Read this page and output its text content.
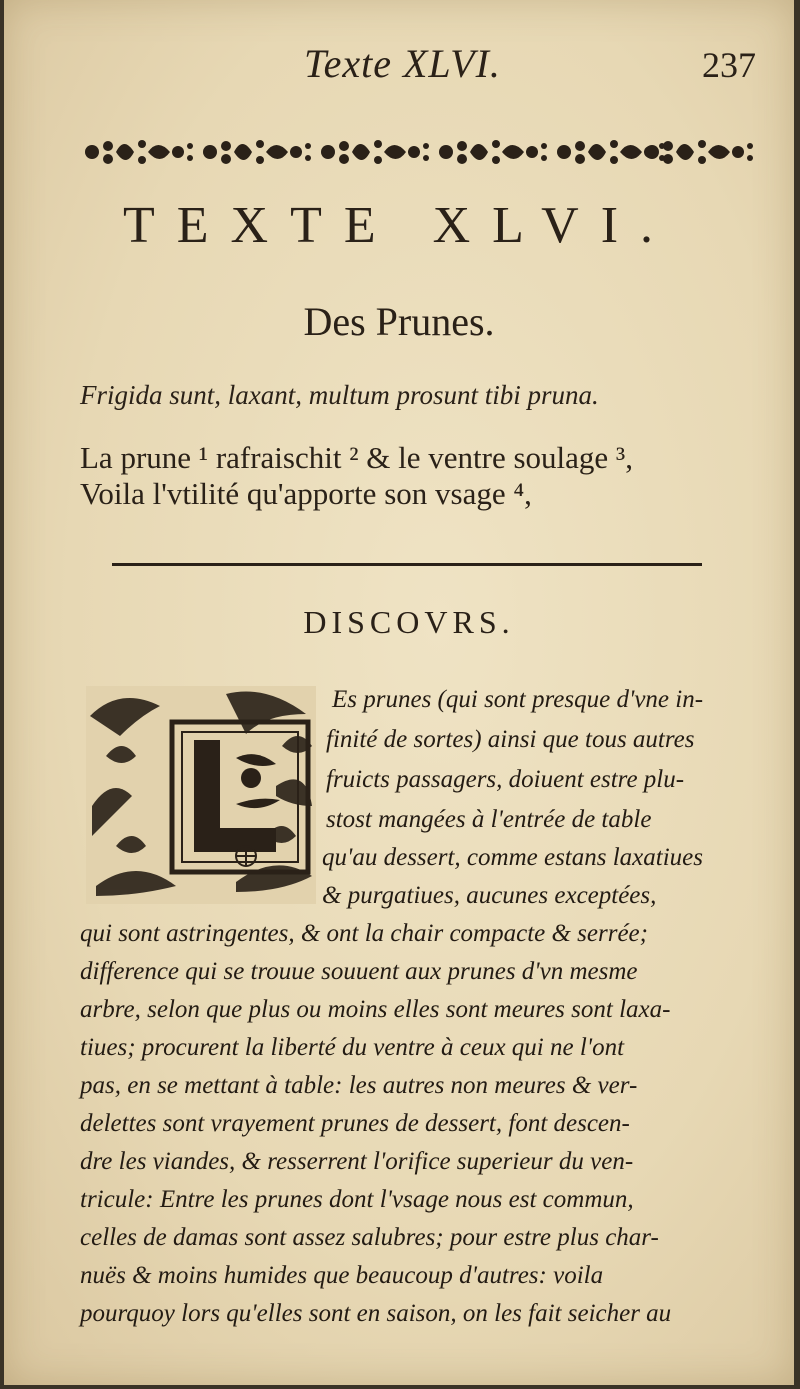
Texte XLVI.	237
TEXTE XLVI.
Des Prunes.
Frigida sunt, laxant, multum prosunt tibi pruna.
La prune ¹ rafraischit ² & le ventre soulage ³,
Voila l'vtilité qu'apporte son vsage ⁴,
DISCOVRS.
Es prunes (qui sont presque d'vne in-
finité de sortes) ainsi que tous autres
fruicts passagers, doiuent estre plu-
stost mangées à l'entrée de table
qu'au dessert, comme estans laxatiues
& purgatiues, aucunes exceptées,
qui sont astringentes, & ont la chair compacte & serrée;
difference qui se trouue souuent aux prunes d'vn mesme
arbre, selon que plus ou moins elles sont meures sont laxa-
tiues; procurent la liberté du ventre à ceux qui ne l'ont
pas, en se mettant à table: les autres non meures & ver-
delettes sont vrayement prunes de dessert, font descen-
dre les viandes, & resserrent l'orifice superieur du ven-
tricule: Entre les prunes dont l'vsage nous est commun,
celles de damas sont assez salubres; pour estre plus char-
nuës & moins humides que beaucoup d'autres: voila
pourquoy lors qu'elles sont en saison, on les fait seicher au
